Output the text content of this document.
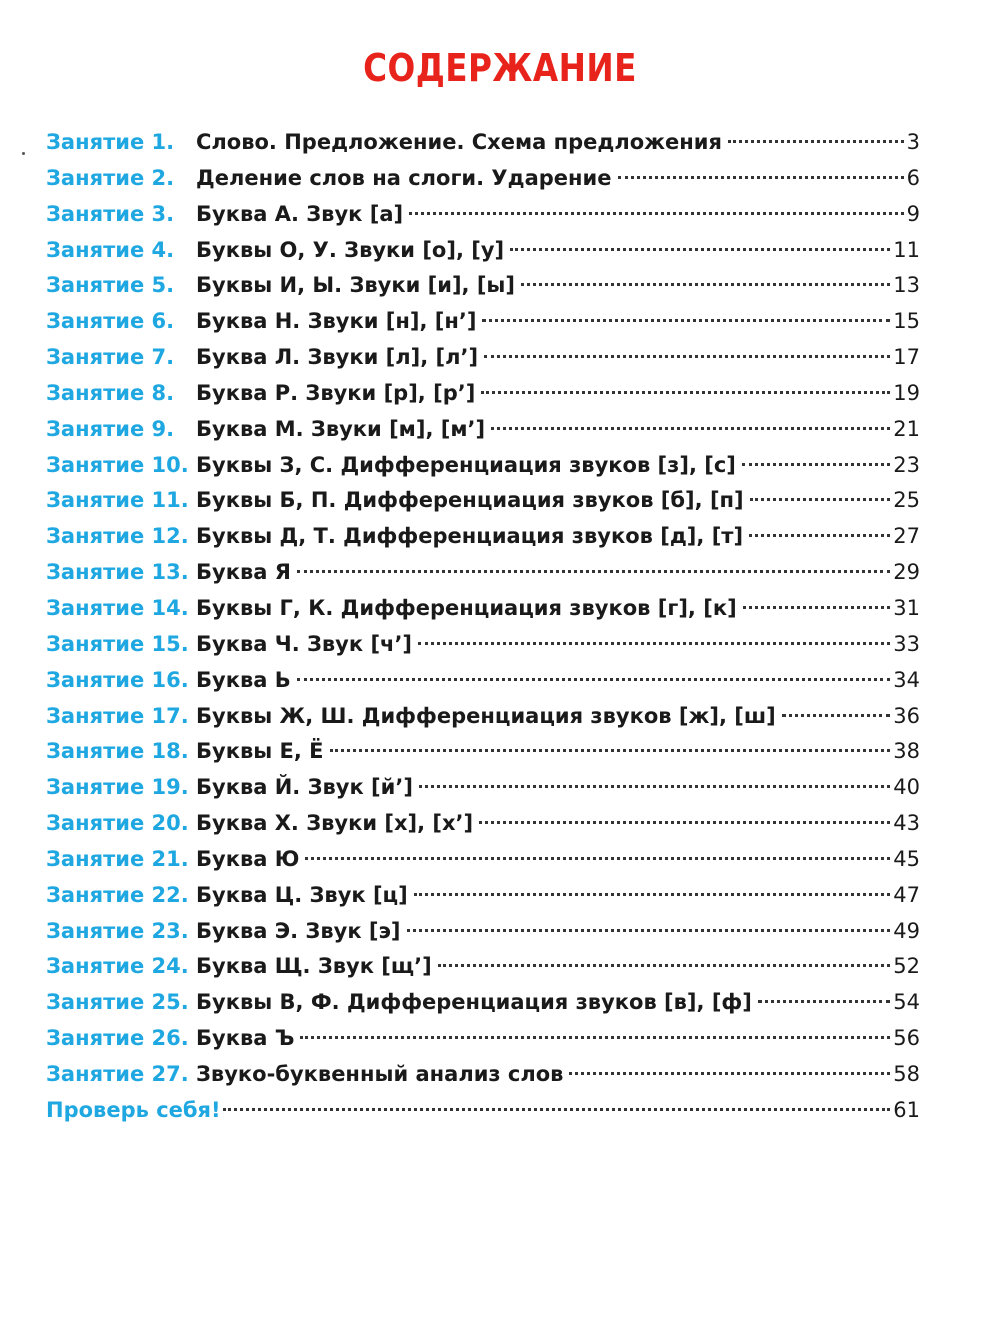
СОДЕРЖАНИЕ
Занятие 1.	Слово. Предложение. Схема предложения	3
Занятие 2.	Деление слов на слоги. Ударение	6
Занятие 3.	Буква А. Звук [а]	9
Занятие 4.	Буквы О, У. Звуки [о], [у]	11
Занятие 5.	Буквы И, Ы. Звуки [и], [ы]	13
Занятие 6.	Буква Н. Звуки [н], [н’]	15
Занятие 7.	Буква Л. Звуки [л], [л’]	17
Занятие 8.	Буква Р. Звуки [р], [р’]	19
Занятие 9.	Буква М. Звуки [м], [м’]	21
Занятие 10. Буквы З, С. Дифференциация звуков [з], [с]	23
Занятие 11. Буквы Б, П. Дифференциация звуков [б], [п]	25
Занятие 12. Буквы Д, Т. Дифференциация звуков [д], [т]	27
Занятие 13. Буква Я	29
Занятие 14. Буквы Г, К. Дифференциация звуков [г], [к]	31
Занятие 15. Буква Ч. Звук [ч’]	33
Занятие 16. Буква Ь	34
Занятие 17. Буквы Ж, Ш. Дифференциация звуков [ж], [ш]	36
Занятие 18. Буквы Е, Ё	38
Занятие 19. Буква Й. Звук [й’]	40
Занятие 20. Буква Х. Звуки [х], [х’]	43
Занятие 21. Буква Ю	45
Занятие 22. Буква Ц. Звук [ц]	47
Занятие 23. Буква Э. Звук [э]	49
Занятие 24. Буква Щ. Звук [щ’]	52
Занятие 25. Буквы В, Ф. Дифференциация звуков [в], [ф]	54
Занятие 26. Буква Ъ	56
Занятие 27. Звуко-буквенный анализ слов	58
Проверь себя!	61
